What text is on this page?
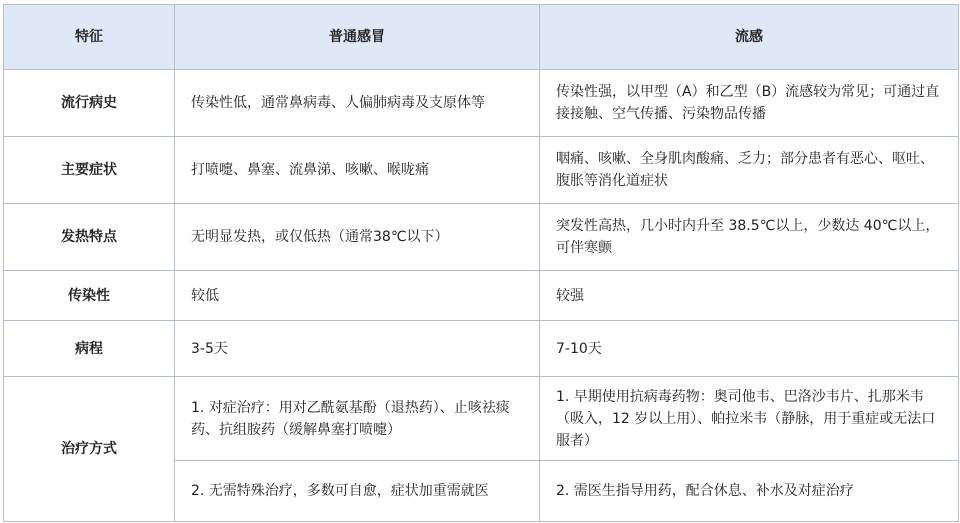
特征	普通感冒	流感
流行病史	传染性低，通常鼻病毒、人偏肺病毒及支原体等	传染性强，以甲型（A）和乙型（B）流感较为常见；可通过直接接触、空气传播、污染物品传播
主要症状	打喷嚏、鼻塞、流鼻涕、咳嗽、喉咙痛	咽痛、咳嗽、全身肌肉酸痛、乏力；部分患者有恶心、呕吐、腹胀等消化道症状
发热特点	无明显发热，或仅低热（通常38℃以下）	突发性高热，几小时内升至 38.5℃以上，少数达 40℃以上，可伴寒颤
传染性	较低	较强
病程	3-5天	7-10天
治疗方式	1. 对症治疗：用对乙酰氨基酚（退热药）、止咳祛痰药、抗组胺药（缓解鼻塞打喷嚏）	1. 早期使用抗病毒药物：奥司他韦、巴洛沙韦片、扎那米韦（吸入，12 岁以上用）、帕拉米韦（静脉，用于重症或无法口服者）
	2. 无需特殊治疗，多数可自愈，症状加重需就医	2. 需医生指导用药，配合休息、补水及对症治疗
